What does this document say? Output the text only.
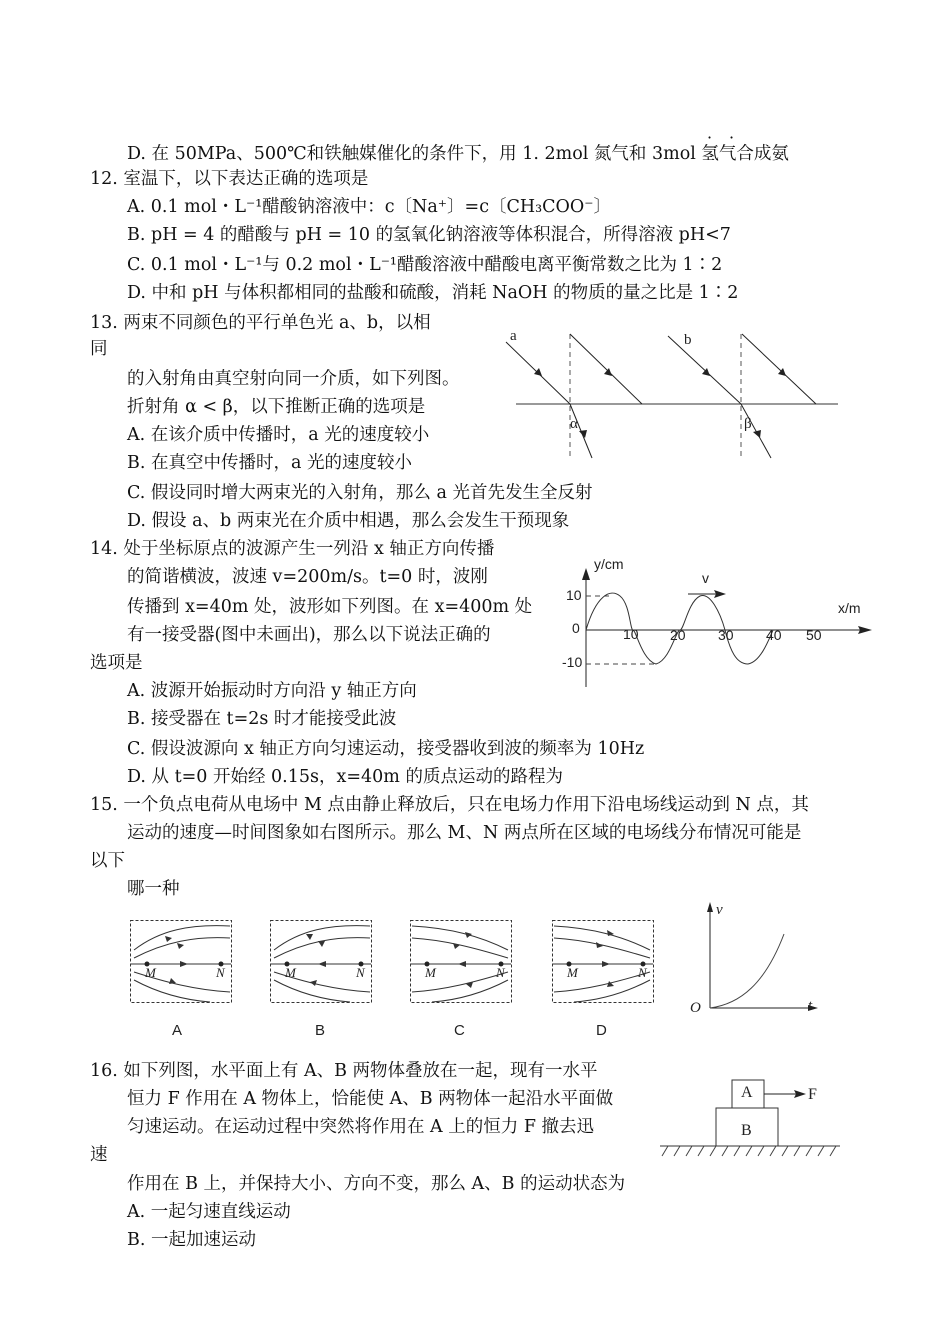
D. 在 50MPa、500℃和铁触媒催化的条件下，用 1. 2mol 氮气和 3mol 氢气合成氨
12. 室温下，以下表达正确的选项是
A. 0.1 mol・L⁻¹醋酸钠溶液中：c〔Na⁺〕=c〔CH₃COO⁻〕
B. pH = 4 的醋酸与 pH = 10 的氢氧化钠溶液等体积混合，所得溶液 pH<7
C. 0.1 mol・L⁻¹与 0.2 mol・L⁻¹醋酸溶液中醋酸电离平衡常数之比为 1∶2
D. 中和 pH 与体积都相同的盐酸和硫酸，消耗 NaOH 的物质的量之比是 1∶2
13. 两束不同颜色的平行单色光 a、b，以相
同
的入射角由真空射向同一介质，如下列图。
折射角 α < β，以下推断正确的选项是
A. 在该介质中传播时，a 光的速度较小
B. 在真空中传播时，a 光的速度较小
C. 假设同时增大两束光的入射角，那么 a 光首先发生全反射
D. 假设 a、b 两束光在介质中相遇，那么会发生干预现象
14. 处于坐标原点的波源产生一列沿 x 轴正方向传播
的简谐横波，波速 v=200m/s。t=0 时，波刚
传播到 x=40m 处，波形如下列图。在 x=400m 处
有一接受器(图中未画出)，那么以下说法正确的
选项是
A. 波源开始振动时方向沿 y 轴正方向
B. 接受器在 t=2s 时才能接受此波
C. 假设波源向 x 轴正方向匀速运动，接受器收到波的频率为 10Hz
D. 从 t=0 开始经 0.15s，x=40m 的质点运动的路程为
15. 一个负点电荷从电场中 M 点由静止释放后，只在电场力作用下沿电场线运动到 N 点，其
运动的速度—时间图象如右图所示。那么 M、N 两点所在区域的电场线分布情况可能是
以下
哪一种
16. 如下列图，水平面上有 A、B 两物体叠放在一起，现有一水平
恒力 F 作用在 A 物体上，恰能使 A、B 两物体一起沿水平面做
匀速运动。在运动过程中突然将作用在 A 上的恒力 F 撤去迅
速
作用在 B 上，并保持大小、方向不变，那么 A、B 的运动状态为
A. 一起匀速直线运动
B. 一起加速运动
· ·
a	b
α	β
y/cm
x/m
v
10
0
-10
10 20 30 40 50
M	N	M	N	M	N	M	N
A	B	C	D
v
t
O
A
B
F
